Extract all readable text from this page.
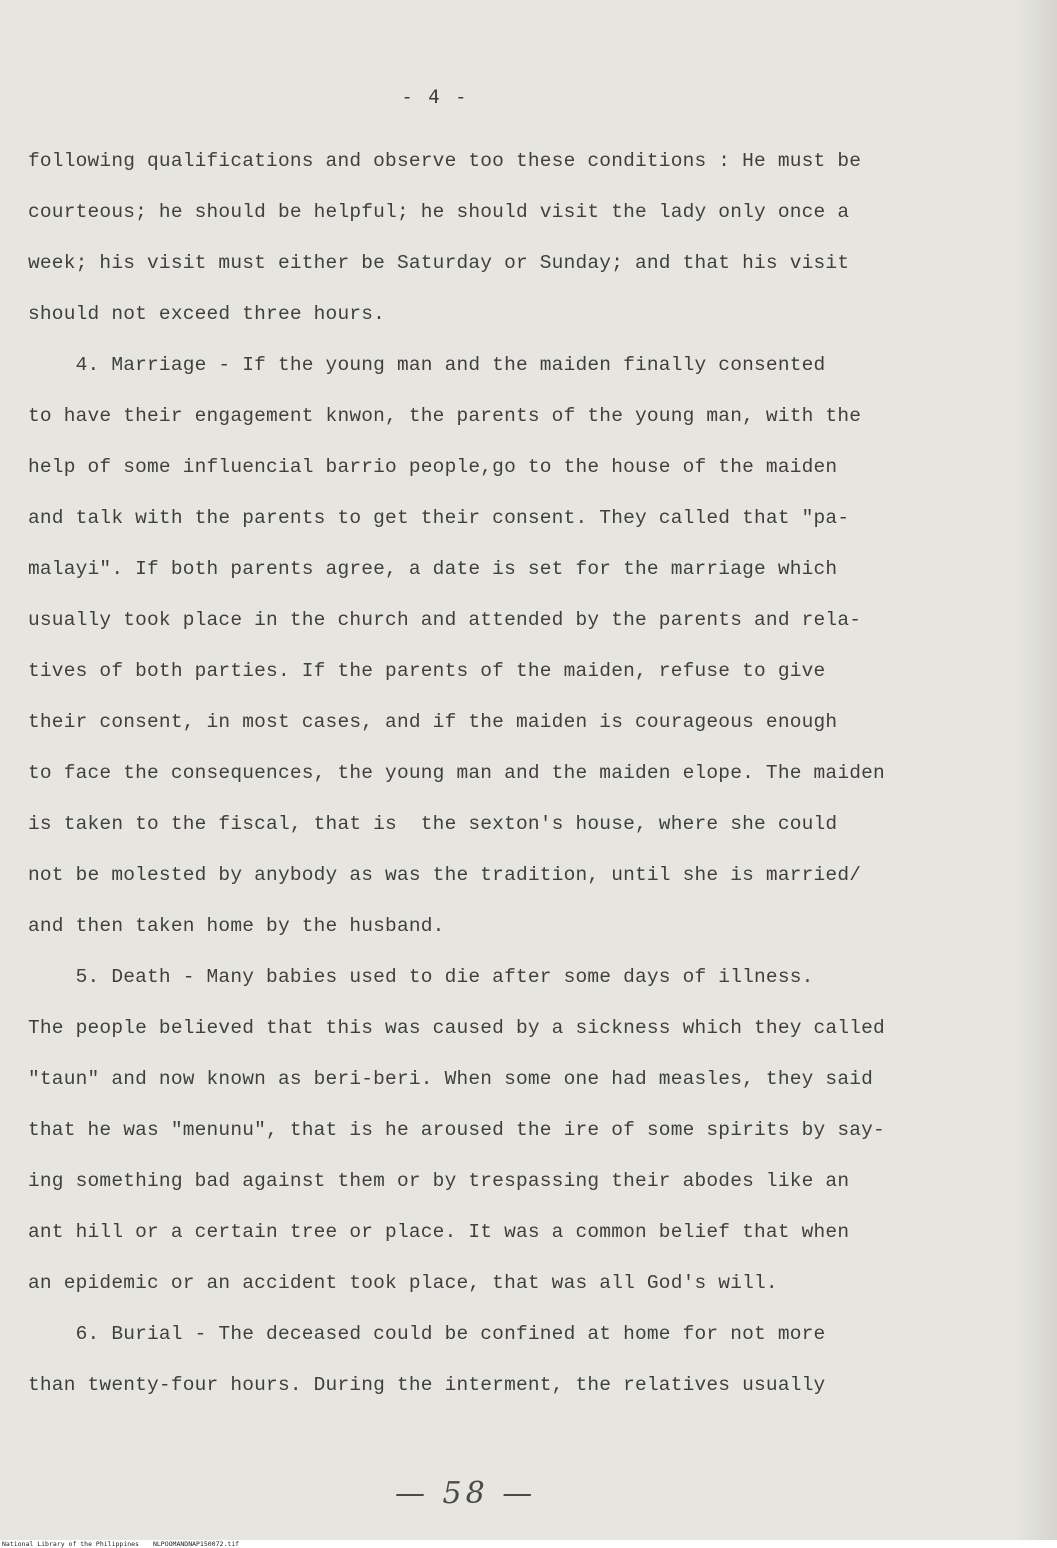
- 4 -
following qualifications and observe too these conditions : He must be
courteous; he should be helpful; he should visit the lady only once a
week; his visit must either be Saturday or Sunday; and that his visit
should not exceed three hours.
4. Marriage - If the young man and the maiden finally consented
to have their engagement knwon, the parents of the young man, with the
help of some influencial barrio people,go to the house of the maiden
and talk with the parents to get their consent. They called that "pa-
malayi". If both parents agree, a date is set for the marriage which
usually took place in the church and attended by the parents and rela-
tives of both parties. If the parents of the maiden, refuse to give
their consent, in most cases, and if the maiden is courageous enough
to face the consequences, the young man and the maiden elope. The maiden
is taken to the fiscal, that is  the sexton's house, where she could
not be molested by anybody as was the tradition, until she is married/
and then taken home by the husband.
5. Death - Many babies used to die after some days of illness.
The people believed that this was caused by a sickness which they called
"taun" and now known as beri-beri. When some one had measles, they said
that he was "menunu", that is he aroused the ire of some spirits by say-
ing something bad against them or by trespassing their abodes like an
ant hill or a certain tree or place. It was a common belief that when
an epidemic or an accident took place, that was all God's will.
6. Burial - The deceased could be confined at home for not more
than twenty-four hours. During the interment, the relatives usually
— 58 —
National Library of the Philippines NLPOOMANDNAP150072.tif
